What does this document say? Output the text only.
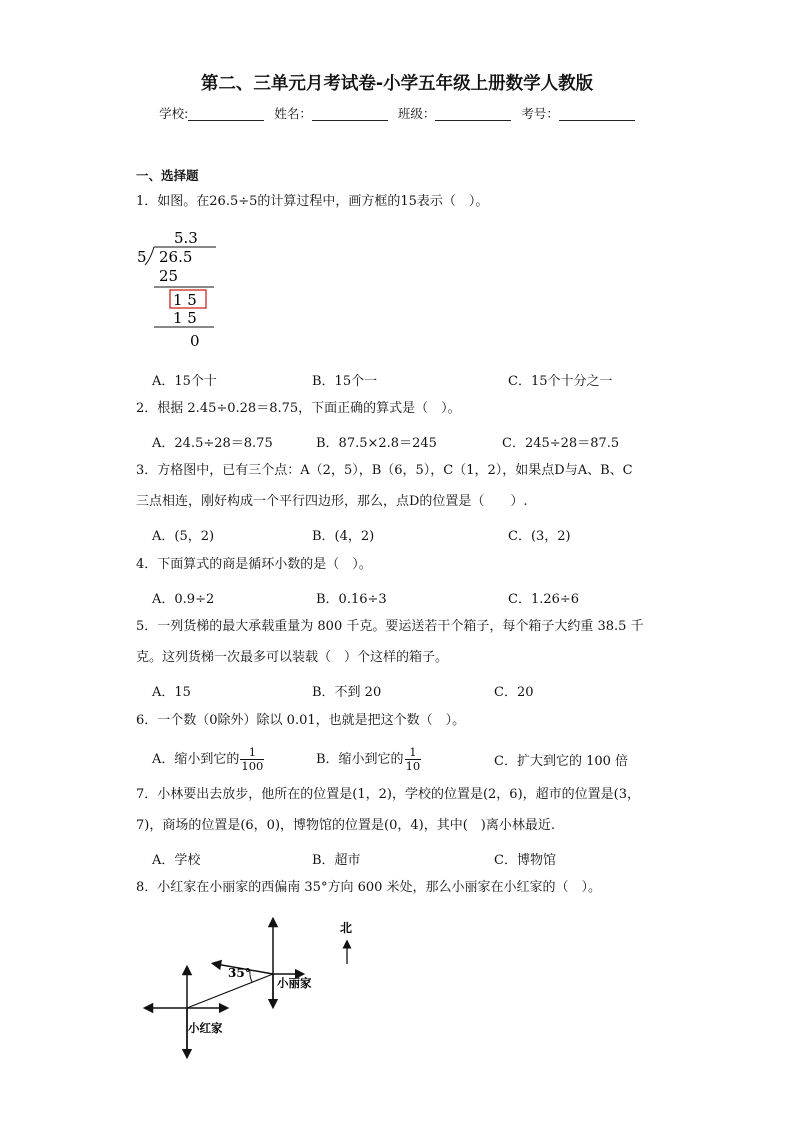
第二、三单元月考试卷-小学五年级上册数学人教版
学校:	姓名：	班级：	考号：
一、选择题
1．如图。在26.5÷5的计算过程中，画方框的15表示（　）。
5.3
5 26.5
25
1 5
1 5
0
A．15个十	B．15个一	C．15个十分之一
2．根据 2.45÷0.28＝8.75，下面正确的算式是（　）。
A．24.5÷28＝8.75	B．87.5×2.8＝245	C．245÷28＝87.5
3．方格图中，已有三个点：A（2，5），B（6，5），C（1，2），如果点D与A、B、C
三点相连，刚好构成一个平行四边形，那么，点D的位置是（　　）.
A．(5，2)	B．(4，2)	C．(3，2)
4．下面算式的商是循环小数的是（　）。
A．0.9÷2	B．0.16÷3	C．1.26÷6
5．一列货梯的最大承载重量为 800 千克。要运送若干个箱子，每个箱子大约重 38.5 千
克。这列货梯一次最多可以装载（　）个这样的箱子。
A．15	B．不到 20	C．20
6．一个数（0除外）除以 0.01，也就是把这个数（　）。
A．缩小到它的 $\frac{1}{100}$	B．缩小到它的 $\frac{1}{10}$	C．扩大到它的 100 倍
7．小林要出去放步，他所在的位置是(1，2)，学校的位置是(2，6)，超市的位置是(3，
7)，商场的位置是(6，0)，博物馆的位置是(0，4)，其中(　)离小林最近.
A．学校	B．超市	C．博物馆
8．小红家在小丽家的西偏南 35°方向 600 米处，那么小丽家在小红家的（　）。
北
35°
小丽家
小红家
